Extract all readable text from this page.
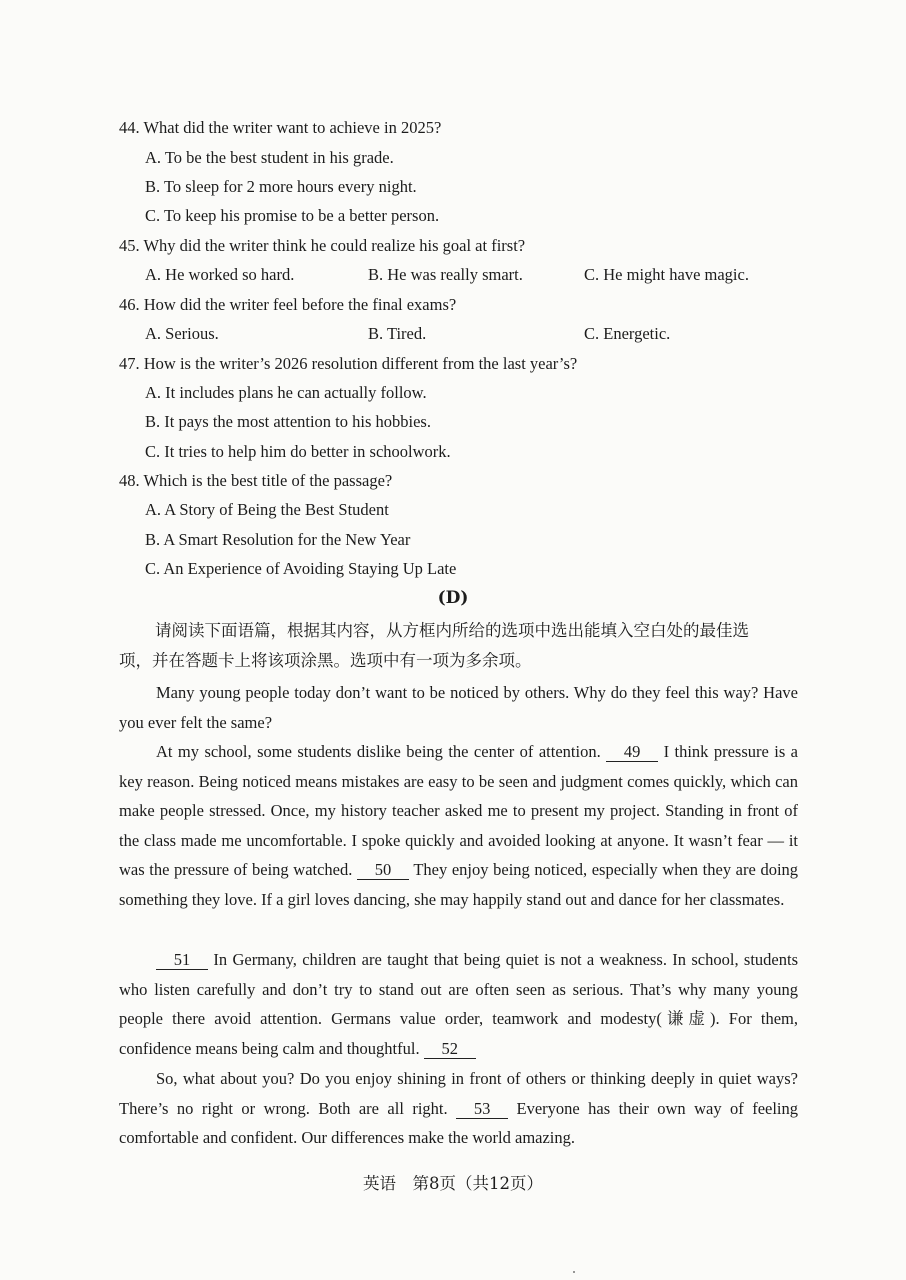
44. What did the writer want to achieve in 2025?
A. To be the best student in his grade.
B. To sleep for 2 more hours every night.
C. To keep his promise to be a better person.
45. Why did the writer think he could realize his goal at first?
A. He worked so hard.	B. He was really smart.	C. He might have magic.
46. How did the writer feel before the final exams?
A. Serious.	B. Tired.	C. Energetic.
47. How is the writer’s 2026 resolution different from the last year’s?
A. It includes plans he can actually follow.
B. It pays the most attention to his hobbies.
C. It tries to help him do better in schoolwork.
48. Which is the best title of the passage?
A. A Story of Being the Best Student
B. A Smart Resolution for the New Year
C. An Experience of Avoiding Staying Up Late
(D)
请阅读下面语篇，根据其内容，从方框内所给的选项中选出能填入空白处的最佳选
项，并在答题卡上将该项涂黑。选项中有一项为多余项。
Many young people today don’t want to be noticed by others. Why do they feel this way? Have you ever felt the same?
At my school, some students dislike being the center of attention. 49 I think pressure is a key reason. Being noticed means mistakes are easy to be seen and judgment comes quickly, which can make people stressed. Once, my history teacher asked me to present my project. Standing in front of the class made me uncomfortable. I spoke quickly and avoided looking at anyone. It wasn’t fear — it was the pressure of being watched. 50 They enjoy being noticed, especially when they are doing something they love. If a girl loves dancing, she may happily stand out and dance for her classmates.
51 In Germany, children are taught that being quiet is not a weakness. In school, students who listen carefully and don’t try to stand out are often seen as serious. That’s why many young people there avoid attention. Germans value order, teamwork and modesty(谦虚). For them, confidence means being calm and thoughtful. 52
So, what about you? Do you enjoy shining in front of others or thinking deeply in quiet ways? There’s no right or wrong. Both are all right. 53 Everyone has their own way of feeling comfortable and confident. Our differences make the world amazing.
英语　第8页（共12页）
